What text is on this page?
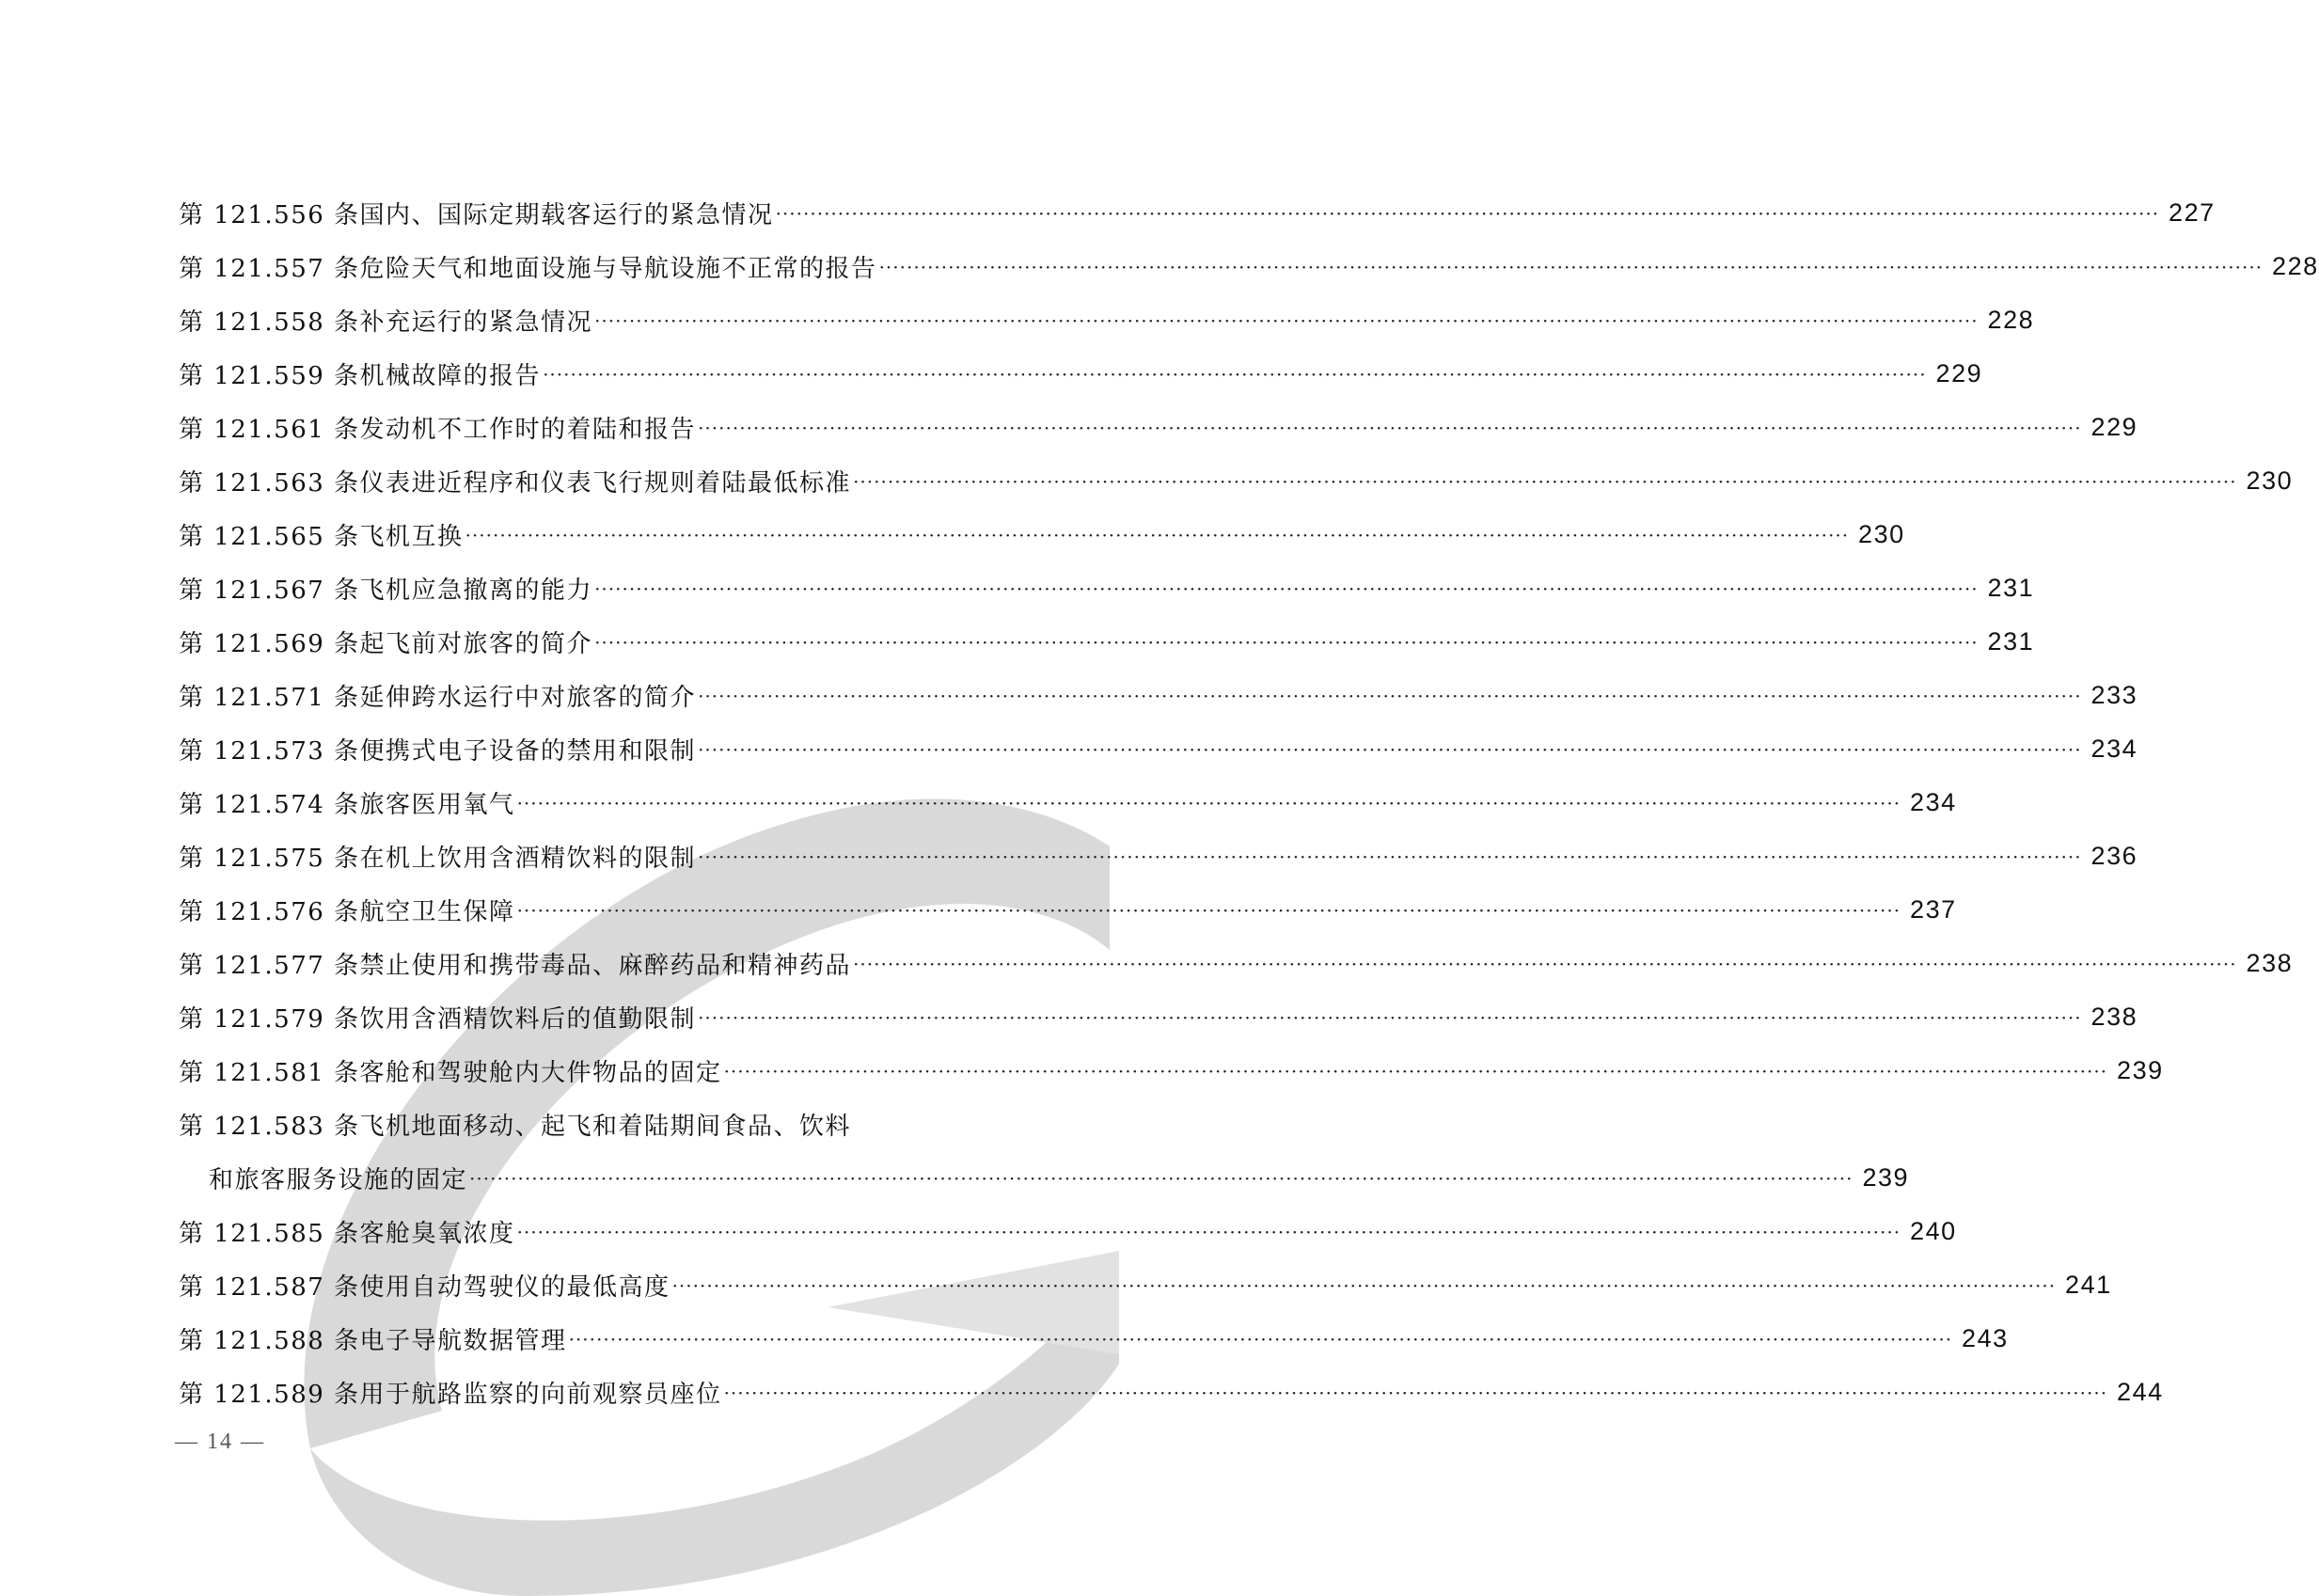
第 121.556 条 国内、国际定期载客运行的紧急情况 ········································································································································································································ 227
第 121.557 条 危险天气和地面设施与导航设施不正常的报告 ········································································································································································································ 228
第 121.558 条 补充运行的紧急情况 ········································································································································································································ 228
第 121.559 条 机械故障的报告 ········································································································································································································ 229
第 121.561 条 发动机不工作时的着陆和报告 ········································································································································································································ 229
第 121.563 条 仪表进近程序和仪表飞行规则着陆最低标准 ········································································································································································································ 230
第 121.565 条 飞机互换 ········································································································································································································ 230
第 121.567 条 飞机应急撤离的能力 ········································································································································································································ 231
第 121.569 条 起飞前对旅客的简介 ········································································································································································································ 231
第 121.571 条 延伸跨水运行中对旅客的简介 ········································································································································································································ 233
第 121.573 条 便携式电子设备的禁用和限制 ········································································································································································································ 234
第 121.574 条 旅客医用氧气 ········································································································································································································ 234
第 121.575 条 在机上饮用含酒精饮料的限制 ········································································································································································································ 236
第 121.576 条 航空卫生保障 ········································································································································································································ 237
第 121.577 条 禁止使用和携带毒品、麻醉药品和精神药品 ········································································································································································································ 238
第 121.579 条 饮用含酒精饮料后的值勤限制 ········································································································································································································ 238
第 121.581 条 客舱和驾驶舱内大件物品的固定 ········································································································································································································ 239
第 121.583 条 飞机地面移动、起飞和着陆期间食品、饮料
和旅客服务设施的固定 ········································································································································································································ 239
第 121.585 条 客舱臭氧浓度 ········································································································································································································ 240
第 121.587 条 使用自动驾驶仪的最低高度 ········································································································································································································ 241
第 121.588 条 电子导航数据管理 ········································································································································································································ 243
第 121.589 条 用于航路监察的向前观察员座位 ········································································································································································································ 244
— 14 —
